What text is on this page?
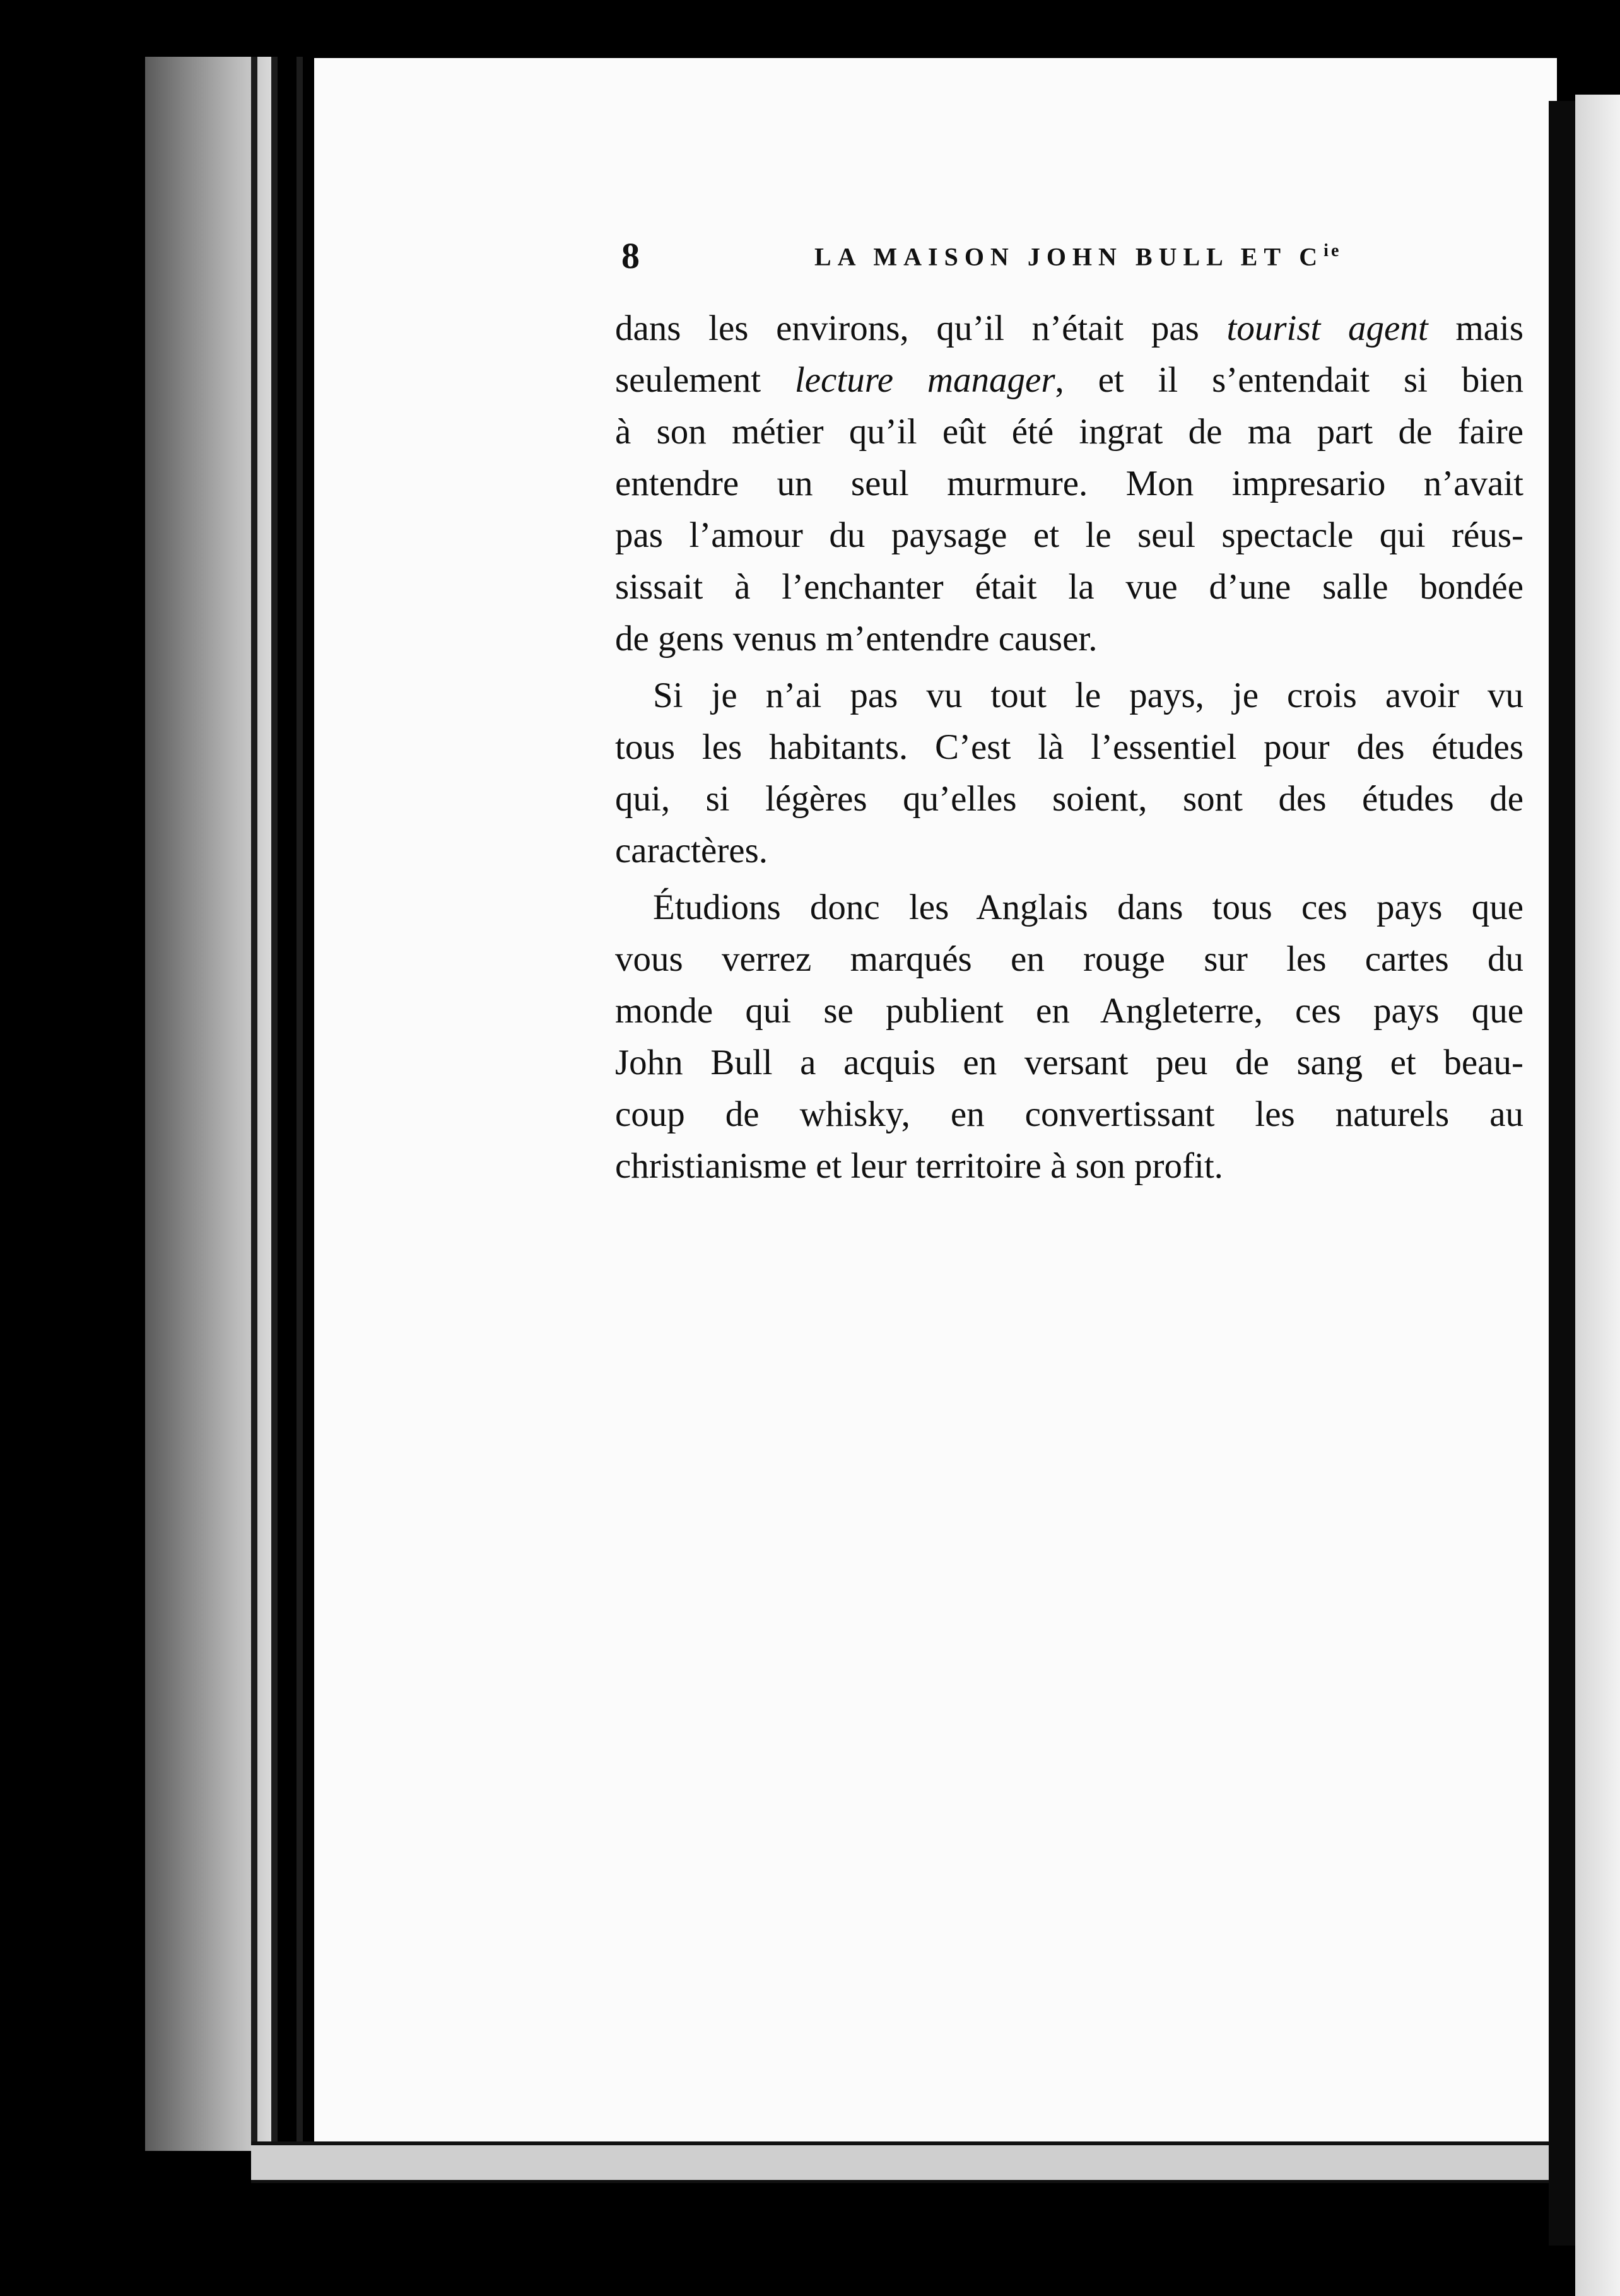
8	LA MAISON JOHN BULL ET $C^{ie}$

dans les environs, qu’il n’était pas tourist agent mais
seulement lecture manager, et il s’entendait si bien
à son métier qu’il eût été ingrat de ma part de faire
entendre un seul murmure. Mon impresario n’avait
pas l’amour du paysage et le seul spectacle qui réus-
sissait à l’enchanter était la vue d’une salle bondée
de gens venus m’entendre causer.

Si je n’ai pas vu tout le pays, je crois avoir vu
tous les habitants. C’est là l’essentiel pour des études
qui, si légères qu’elles soient, sont des études de
caractères.

Étudions donc les Anglais dans tous ces pays que
vous verrez marqués en rouge sur les cartes du
monde qui se publient en Angleterre, ces pays que
John Bull a acquis en versant peu de sang et beau-
coup de whisky, en convertissant les naturels au
christianisme et leur territoire à son profit.
